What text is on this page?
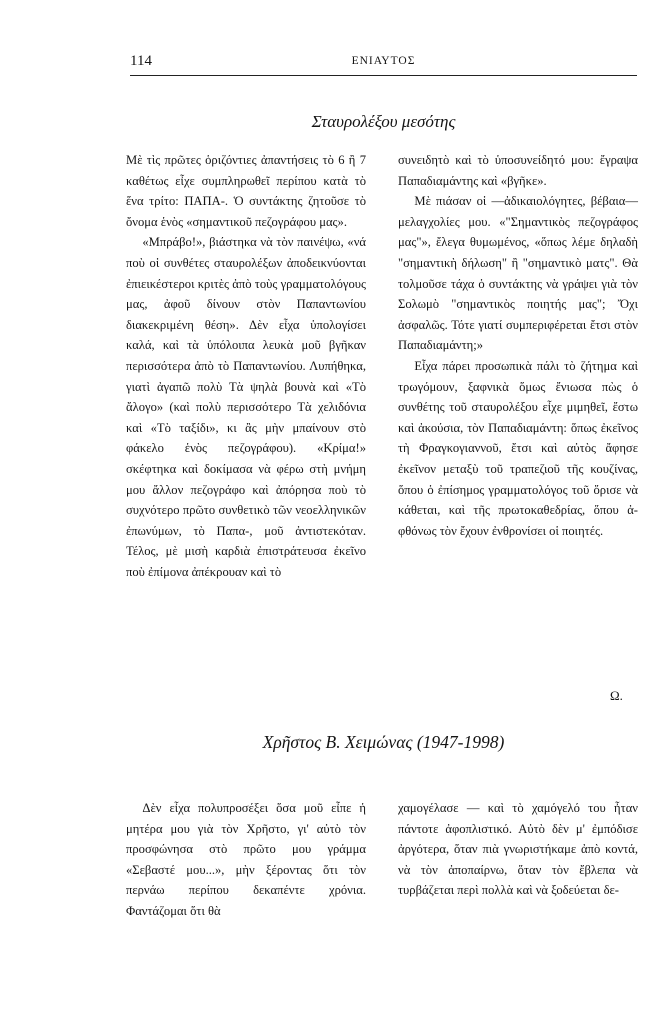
114	ΕΝΙΑΥΤΟΣ
Σταυρολέξου μεσότης

Μὲ τὶς πρῶτες ὁριζόντιες ἀπαντήσεις τὸ 6 ἢ 7 καθέτως εἶχε συμπληρωθεῖ περίπου κατὰ τὸ ἕνα τρίτο: ΠΑΠΑ-. Ὁ συντάκτης ζητοῦσε τὸ ὄνομα ἑνὸς «σημαντικοῦ πεζογράφου μας».

«Μπράβο!», βιάστηκα νὰ τὸν παινέψω, «νά ποὺ οἱ συνθέτες σταυρολέξων ἀποδεικνύονται ἐπιεικέστεροι κριτὲς ἀπὸ τοὺς γραμματολόγους μας, ἀφοῦ δίνουν στὸν Παπαντωνίου διακεκριμένη θέση». Δὲν εἶχα ὑπολογίσει καλά, καὶ τὰ ὑπόλοιπα λευκὰ μοῦ βγῆκαν περισσότερα ἀπὸ τὸ Παπαντωνίου. Λυπήθηκα, γιατὶ ἀγαπῶ πολὺ Τὰ ψηλὰ βουνὰ καὶ «Τὸ ἄλογο» (καὶ πολὺ περισσότερο Τὰ χελιδόνια καὶ «Τὸ ταξίδι», κι ἂς μὴν μπαίνουν στὸ φάκελο ἑνὸς πεζογράφου). «Κρίμα!» σκέφτηκα καὶ δοκίμασα νὰ φέρω στὴ μνήμη μου ἄλλον πεζογράφο καὶ ἀπόρησα ποὺ τὸ συχνότερο πρῶτο συνθετικὸ τῶν νεοελληνικῶν ἐπωνύμων, τὸ Παπα-, μοῦ ἀντιστεκόταν. Τέλος, μὲ μισὴ καρδιὰ ἐπιστράτευσα ἐκεῖνο ποὺ ἐπίμονα ἀπέκρουαν καὶ τὸ

συνειδητὸ καὶ τὸ ὑποσυνείδητό μου: ἔγραψα Παπαδιαμάντης καὶ «βγῆκε».

Μὲ πιάσαν οἱ —ἀδικαιολόγητες, βέβαια— μελαγχολίες μου. «"Σημαντικὸς πεζογράφος μας"», ἔλεγα θυμωμένος, «ὅπως λέμε δηλαδὴ "σημαντικὴ δήλωση" ἢ "σημαντικὸ ματς". Θὰ τολμοῦσε τάχα ὁ συντάκτης νὰ γράψει γιὰ τὸν Σολωμὸ "σημαντικὸς ποιητής μας"; Ὄχι ἀσφαλῶς. Τότε γιατί συμπεριφέρεται ἔτσι στὸν Παπαδιαμάντη;»

Εἶχα πάρει προσωπικὰ πάλι τὸ ζήτημα καὶ τρωγόμουν, ξαφνικὰ ὅμως ἔνιωσα πὼς ὁ συνθέτης τοῦ σταυρολέξου εἶχε μιμηθεῖ, ἔστω καὶ ἀκούσια, τὸν Παπαδιαμάντη: ὅπως ἐκεῖνος τὴ Φραγκογιαννοῦ, ἔτσι καὶ αὐτὸς ἄφησε ἐκεῖνον μεταξὺ τοῦ τραπεζιοῦ τῆς κουζίνας, ὅπου ὁ ἐπίσημος γραμματολόγος τοῦ ὅρισε νὰ κάθεται, καὶ τῆς πρωτοκαθεδρίας, ὅπου ἀ-φθόνως τὸν ἔχουν ἐνθρονίσει οἱ ποιητές.

Ω.
Χρῆστος Β. Χειμώνας (1947-1998)

Δὲν εἶχα πολυπροσέξει ὅσα μοῦ εἶπε ἡ μητέρα μου γιὰ τὸν Χρῆστο, γι' αὐτὸ τὸν προσφώνησα στὸ πρῶτο μου γράμμα «Σεβαστέ μου...», μὴν ξέροντας ὅτι τὸν περνάω περίπου δεκαπέντε χρόνια. Φαντάζομαι ὅτι θὰ

χαμογέλασε — καὶ τὸ χαμόγελό του ἦταν πάντοτε ἀφοπλιστικό. Αὐτὸ δὲν μ' ἐμπόδισε ἀργότερα, ὅταν πιὰ γνωριστήκαμε ἀπὸ κοντά, νὰ τὸν ἀποπαίρνω, ὅταν τὸν ἔβλεπα νὰ τυρβάζεται περὶ πολλὰ καὶ νὰ ξοδεύεται δε-
